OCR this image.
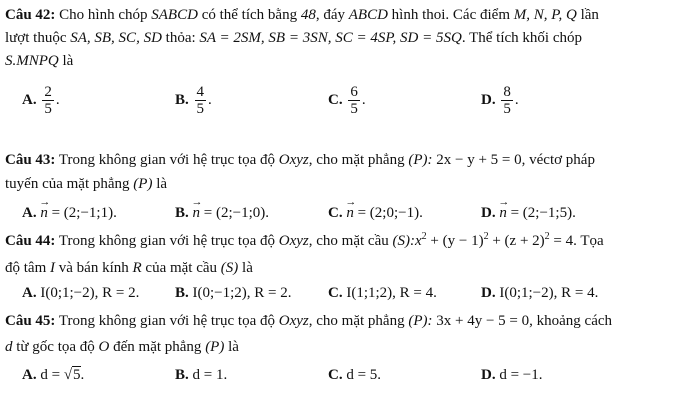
Câu 42: Cho hình chóp SABCD có thể tích bằng 48, đáy ABCD hình thoi. Các điểm M, N, P, Q lần
lượt thuộc SA, SB, SC, SD thỏa: SA = 2SM, SB = 3SN, SC = 4SP, SD = 5SQ. Thể tích khối chóp
S.MNPQ là
A. $\frac{2}{5}$ .	B. $\frac{4}{5}$ .	C. $\frac{6}{5}$ .	D. $\frac{8}{5}$ .
Câu 43: Trong không gian với hệ trục tọa độ Oxyz, cho mặt phẳng (P): 2x − y + 5 = 0, véctơ pháp
tuyến của mặt phẳng (P) là
A. → n = (2;−1;1).	B. → n = (2;−1;0).	C. → n = (2;0;−1).	D. → n = (2;−1;5).
Câu 44: Trong không gian với hệ trục tọa độ Oxyz, cho mặt cầu $(S):x^2 + (y - 1)^2 + (z + 2)^2 = 4$. Tọa
độ tâm I và bán kính R của mặt cầu (S) là
A. I(0;1;−2), R = 2. B. I(0;−1;2), R = 2. C. I(1;1;2), R = 4.	D. I(0;1;−2), R = 4.
Câu 45: Trong không gian với hệ trục tọa độ Oxyz, cho mặt phẳng (P): 3x + 4y − 5 = 0, khoảng cách
d từ gốc tọa độ O đến mặt phẳng (P) là
A. d = √5.	B. d = 1.	C. d = 5.	D. d = −1.
